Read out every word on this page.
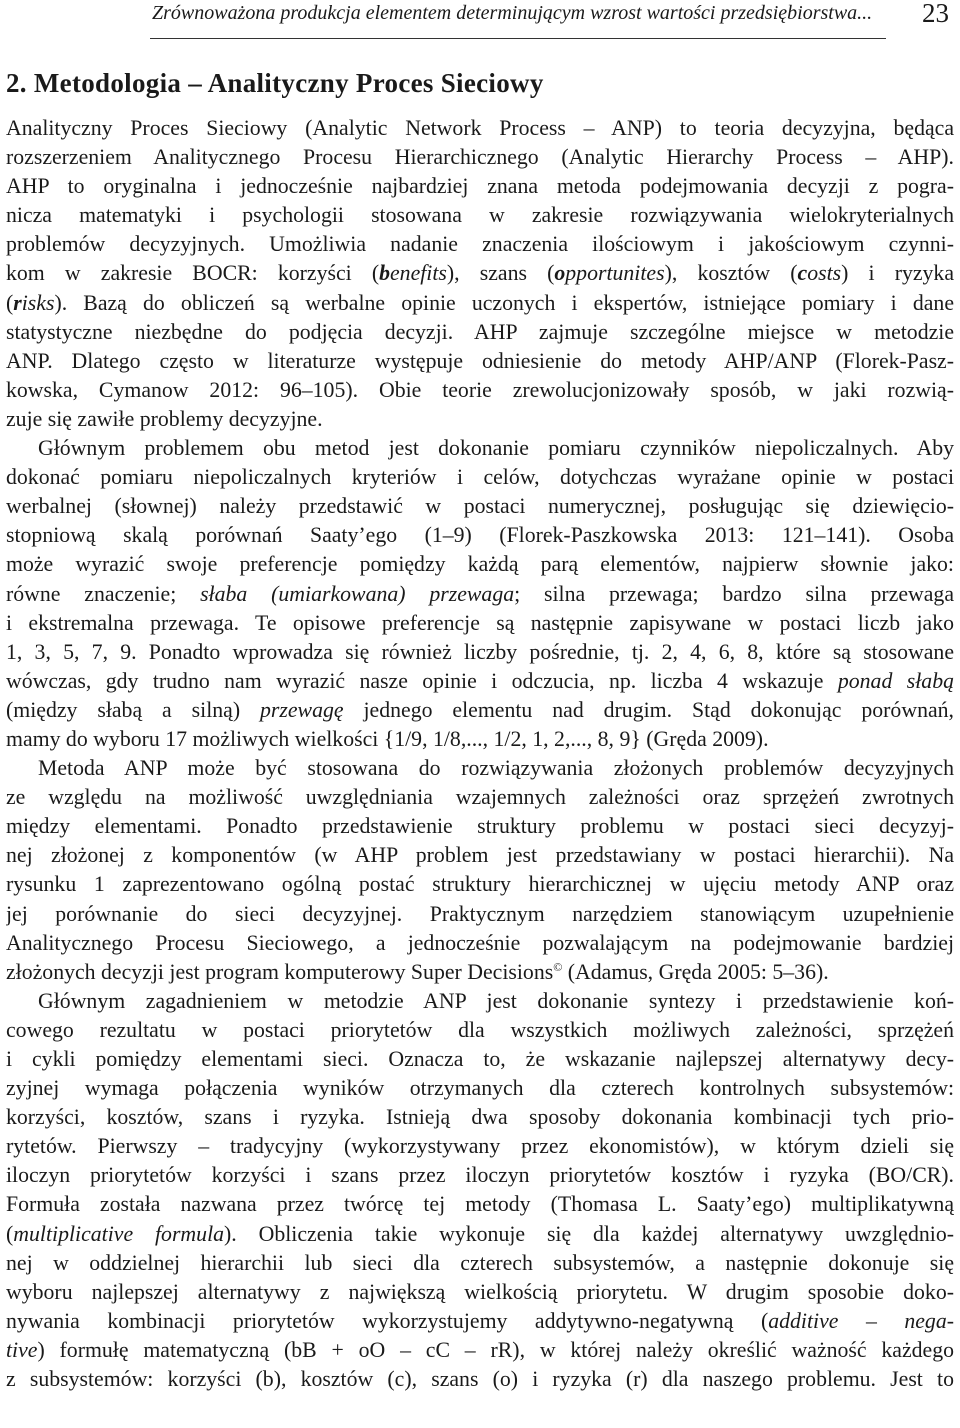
Zrównoważona produkcja elementem determinującym wzrost wartości przedsiębiorstwa... 23
2. Metodologia – Analityczny Proces Sieciowy
Analityczny Proces Sieciowy (Analytic Network Process – ANP) to teoria decyzyjna, będąca
rozszerzeniem Analitycznego Procesu Hierarchicznego (Analytic Hierarchy Process – AHP).
AHP to oryginalna i jednocześnie najbardziej znana metoda podejmowania decyzji z pogra-
nicza matematyki i psychologii stosowana w zakresie rozwiązywania wielokryterialnych
problemów decyzyjnych. Umożliwia nadanie znaczenia ilościowym i jakościowym czynni-
kom w zakresie BOCR: korzyści (benefits), szans (opportunites), kosztów (costs) i ryzyka
(risks). Bazą do obliczeń są werbalne opinie uczonych i ekspertów, istniejące pomiary i dane
statystyczne niezbędne do podjęcia decyzji. AHP zajmuje szczególne miejsce w metodzie
ANP. Dlatego często w literaturze występuje odniesienie do metody AHP/ANP (Florek-Pasz-
kowska, Cymanow 2012: 96–105). Obie teorie zrewolucjonizowały sposób, w jaki rozwią-
zuje się zawiłe problemy decyzyjne.
Głównym problemem obu metod jest dokonanie pomiaru czynników niepoliczalnych. Aby
dokonać pomiaru niepoliczalnych kryteriów i celów, dotychczas wyrażane opinie w postaci
werbalnej (słownej) należy przedstawić w postaci numerycznej, posługując się dziewięcio-
stopniową skalą porównań Saaty’ego (1–9) (Florek-Paszkowska 2013: 121–141). Osoba
może wyrazić swoje preferencje pomiędzy każdą parą elementów, najpierw słownie jako:
równe znaczenie; słaba (umiarkowana) przewaga; silna przewaga; bardzo silna przewaga
i ekstremalna przewaga. Te opisowe preferencje są następnie zapisywane w postaci liczb jako
1, 3, 5, 7, 9. Ponadto wprowadza się również liczby pośrednie, tj. 2, 4, 6, 8, które są stosowane
wówczas, gdy trudno nam wyrazić nasze opinie i odczucia, np. liczba 4 wskazuje ponad słabą
(między słabą a silną) przewagę jednego elementu nad drugim. Stąd dokonując porównań,
mamy do wyboru 17 możliwych wielkości {1/9, 1/8,..., 1/2, 1, 2,..., 8, 9} (Gręda 2009).
Metoda ANP może być stosowana do rozwiązywania złożonych problemów decyzyjnych
ze względu na możliwość uwzględniania wzajemnych zależności oraz sprzężeń zwrotnych
między elementami. Ponadto przedstawienie struktury problemu w postaci sieci decyzyj-
nej złożonej z komponentów (w AHP problem jest przedstawiany w postaci hierarchii). Na
rysunku 1 zaprezentowano ogólną postać struktury hierarchicznej w ujęciu metody ANP oraz
jej porównanie do sieci decyzyjnej. Praktycznym narzędziem stanowiącym uzupełnienie
Analitycznego Procesu Sieciowego, a jednocześnie pozwalającym na podejmowanie bardziej
złożonych decyzji jest program komputerowy Super Decisions© (Adamus, Gręda 2005: 5–36).
Głównym zagadnieniem w metodzie ANP jest dokonanie syntezy i przedstawienie koń-
cowego rezultatu w postaci priorytetów dla wszystkich możliwych zależności, sprzężeń
i cykli pomiędzy elementami sieci. Oznacza to, że wskazanie najlepszej alternatywy decy-
zyjnej wymaga połączenia wyników otrzymanych dla czterech kontrolnych subsystemów:
korzyści, kosztów, szans i ryzyka. Istnieją dwa sposoby dokonania kombinacji tych prio-
rytetów. Pierwszy – tradycyjny (wykorzystywany przez ekonomistów), w którym dzieli się
iloczyn priorytetów korzyści i szans przez iloczyn priorytetów kosztów i ryzyka (BO/CR).
Formuła została nazwana przez twórcę tej metody (Thomasa L. Saaty’ego) multiplikatywną
(multiplicative formula). Obliczenia takie wykonuje się dla każdej alternatywy uwzględnio-
nej w oddzielnej hierarchii lub sieci dla czterech subsystemów, a następnie dokonuje się
wyboru najlepszej alternatywy z największą wielkością priorytetu. W drugim sposobie doko-
nywania kombinacji priorytetów wykorzystujemy addytywno-negatywną (additive – nega-
tive) formułę matematyczną (bB + oO – cC – rR), w której należy określić ważność każdego
z subsystemów: korzyści (b), kosztów (c), szans (o) i ryzyka (r) dla naszego problemu. Jest to
